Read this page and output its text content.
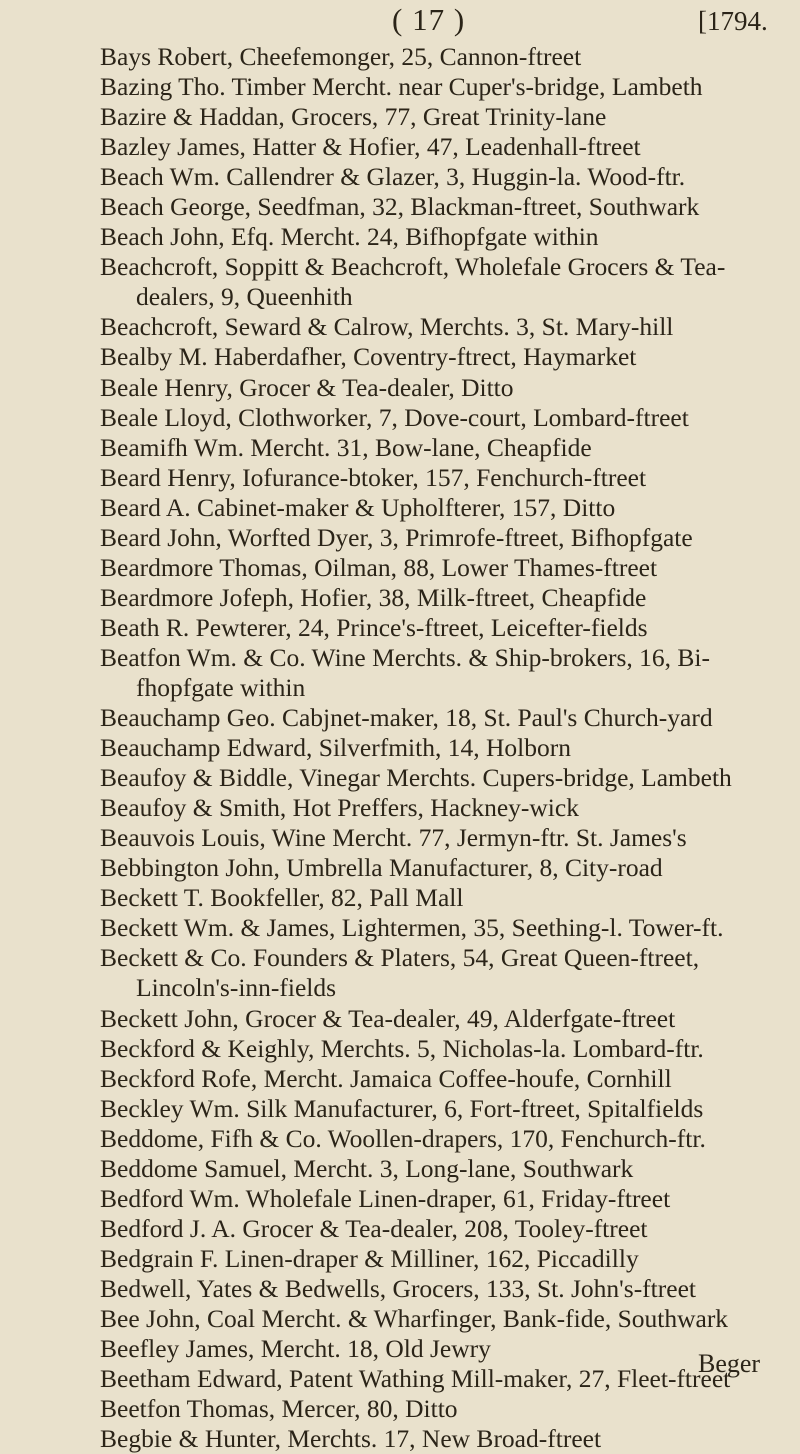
( 17 )	[1794.
Bays Robert, Cheefemonger, 25, Cannon-ftreet
Bazing Tho. Timber Mercht. near Cuper's-bridge, Lambeth
Bazire & Haddan, Grocers, 77, Great Trinity-lane
Bazley James, Hatter & Hofier, 47, Leadenhall-ftreet
Beach Wm. Callendrer & Glazer, 3, Huggin-la. Wood-ftr.
Beach George, Seedfman, 32, Blackman-ftreet, Southwark
Beach John, Efq. Mercht. 24, Bifhopfgate within
Beachcroft, Soppitt & Beachcroft, Wholefale Grocers & Tea-
dealers, 9, Queenhith
Beachcroft, Seward & Calrow, Merchts. 3, St. Mary-hill
Bealby M. Haberdafher, Coventry-ftrect, Haymarket
Beale Henry, Grocer & Tea-dealer, Ditto
Beale Lloyd, Clothworker, 7, Dove-court, Lombard-ftreet
Beamifh Wm. Mercht. 31, Bow-lane, Cheapfide
Beard Henry, Iofurance-btoker, 157, Fenchurch-ftreet
Beard A. Cabinet-maker & Upholfterer, 157, Ditto
Beard John, Worfted Dyer, 3, Primrofe-ftreet, Bifhopfgate
Beardmore Thomas, Oilman, 88, Lower Thames-ftreet
Beardmore Jofeph, Hofier, 38, Milk-ftreet, Cheapfide
Beath R. Pewterer, 24, Prince's-ftreet, Leicefter-fields
Beatfon Wm. & Co. Wine Merchts. & Ship-brokers, 16, Bi-
fhopfgate within
Beauchamp Geo. Cabjnet-maker, 18, St. Paul's Church-yard
Beauchamp Edward, Silverfmith, 14, Holborn
Beaufoy & Biddle, Vinegar Merchts. Cupers-bridge, Lambeth
Beaufoy & Smith, Hot Preffers, Hackney-wick
Beauvois Louis, Wine Mercht. 77, Jermyn-ftr. St. James's
Bebbington John, Umbrella Manufacturer, 8, City-road
Beckett T. Bookfeller, 82, Pall Mall
Beckett Wm. & James, Lightermen, 35, Seething-l. Tower-ft.
Beckett & Co. Founders & Platers, 54, Great Queen-ftreet,
Lincoln's-inn-fields
Beckett John, Grocer & Tea-dealer, 49, Alderfgate-ftreet
Beckford & Keighly, Merchts. 5, Nicholas-la. Lombard-ftr.
Beckford Rofe, Mercht. Jamaica Coffee-houfe, Cornhill
Beckley Wm. Silk Manufacturer, 6, Fort-ftreet, Spitalfields
Beddome, Fifh & Co. Woollen-drapers, 170, Fenchurch-ftr.
Beddome Samuel, Mercht. 3, Long-lane, Southwark
Bedford Wm. Wholefale Linen-draper, 61, Friday-ftreet
Bedford J. A. Grocer & Tea-dealer, 208, Tooley-ftreet
Bedgrain F. Linen-draper & Milliner, 162, Piccadilly
Bedwell, Yates & Bedwells, Grocers, 133, St. John's-ftreet
Bee John, Coal Mercht. & Wharfinger, Bank-fide, Southwark
Beefley James, Mercht. 18, Old Jewry
Beetham Edward, Patent Wathing Mill-maker, 27, Fleet-ftreet
Beetfon Thomas, Mercer, 80, Ditto
Begbie & Hunter, Merchts. 17, New Broad-ftreet
Beger
